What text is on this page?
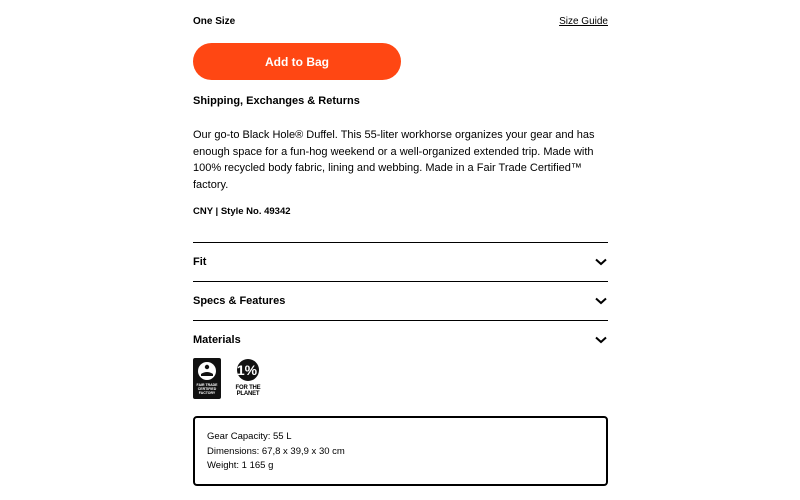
One Size	Size Guide
Add to Bag
Shipping, Exchanges & Returns

Our go-to Black Hole® Duffel. This 55-liter workhorse organizes your gear and has enough space for a fun-hog weekend or a well-organized extended trip. Made with 100% recycled body fabric, lining and webbing. Made in a Fair Trade Certified™ factory.

CNY | Style No. 49342
Fit
Specs & Features
Materials
FAIR TRADE
CERTIFIED
FACTORY
1%
FOR THE
PLANET
Gear Capacity: 55 L
Dimensions: 67,8 x 39,9 x 30 cm
Weight: 1 165 g
